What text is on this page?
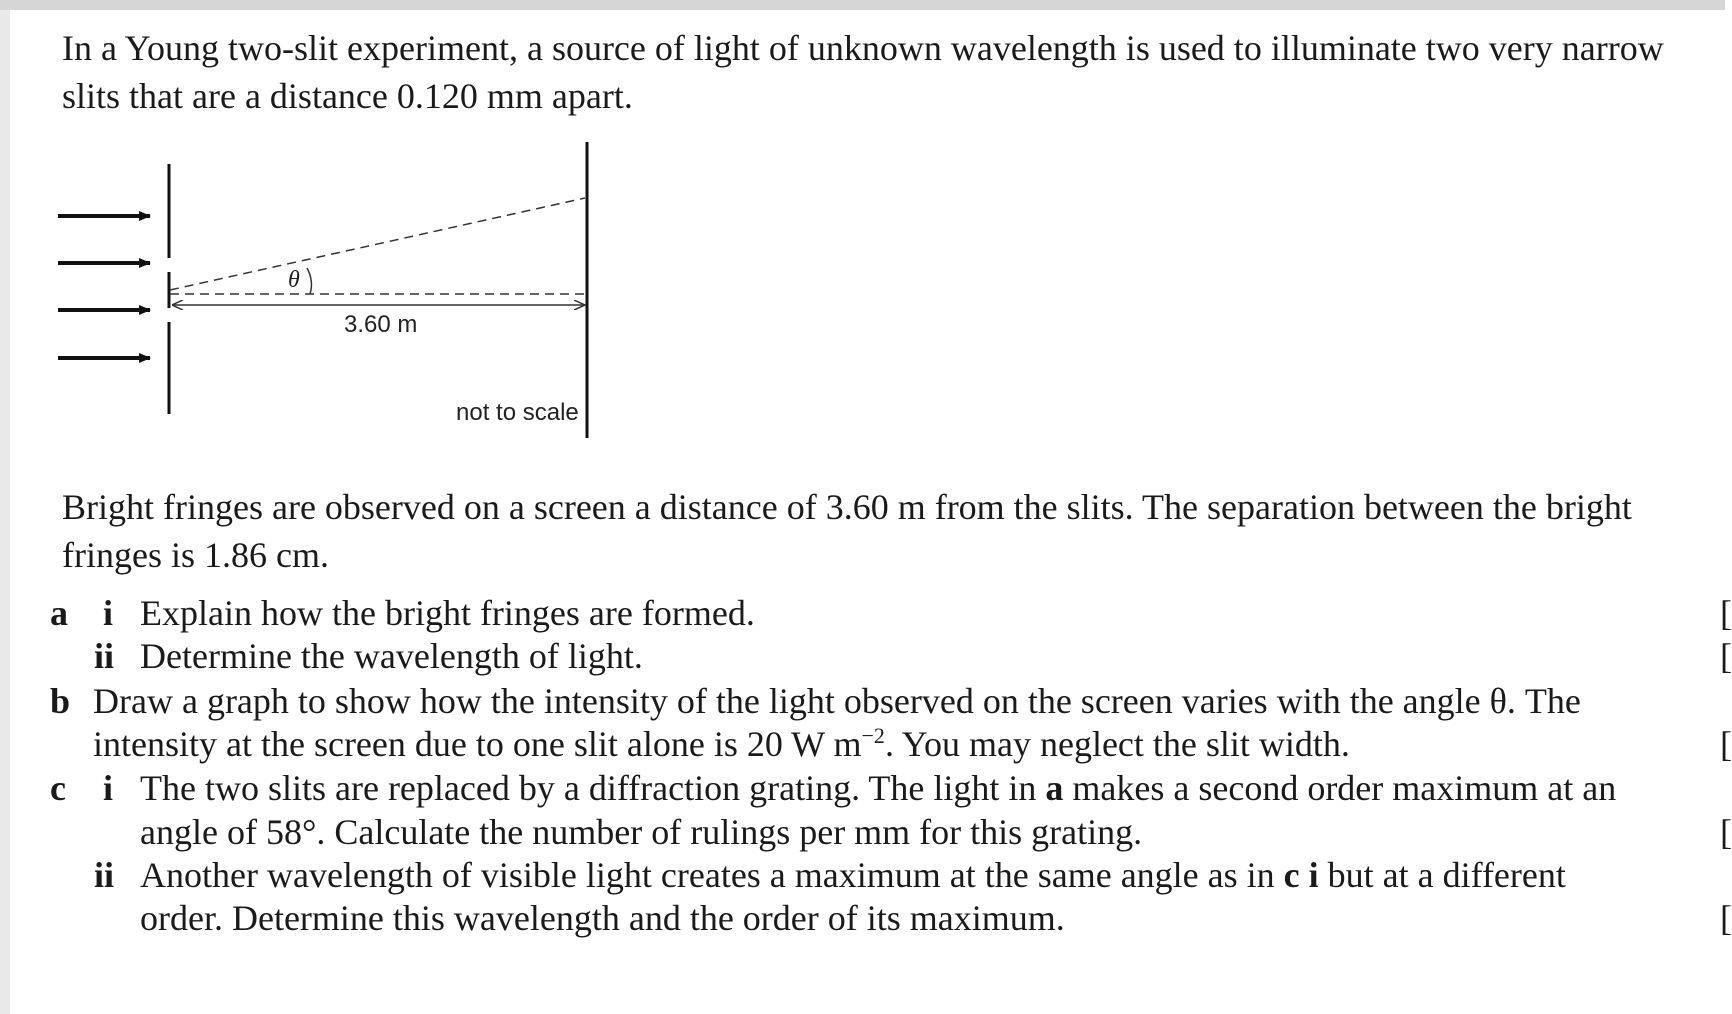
In a Young two-slit experiment, a source of light of unknown wavelength is used to illuminate two very narrow slits that are a distance 0.120 mm apart.

θ
3.60 m
not to scale

Bright fringes are observed on a screen a distance of 3.60 m from the slits. The separation between the bright fringes is 1.86 cm.

a i Explain how the bright fringes are formed.
ii Determine the wavelength of light.
b Draw a graph to show how the intensity of the light observed on the screen varies with the angle θ. The
intensity at the screen due to one slit alone is 20 W $m^{-2}$. You may neglect the slit width.
c i The two slits are replaced by a diffraction grating. The light in a makes a second order maximum at an
angle of 58°. Calculate the number of rulings per mm for this grating.
ii Another wavelength of visible light creates a maximum at the same angle as in c i but at a different
order. Determine this wavelength and the order of its maximum.
[
[
[
[
[
